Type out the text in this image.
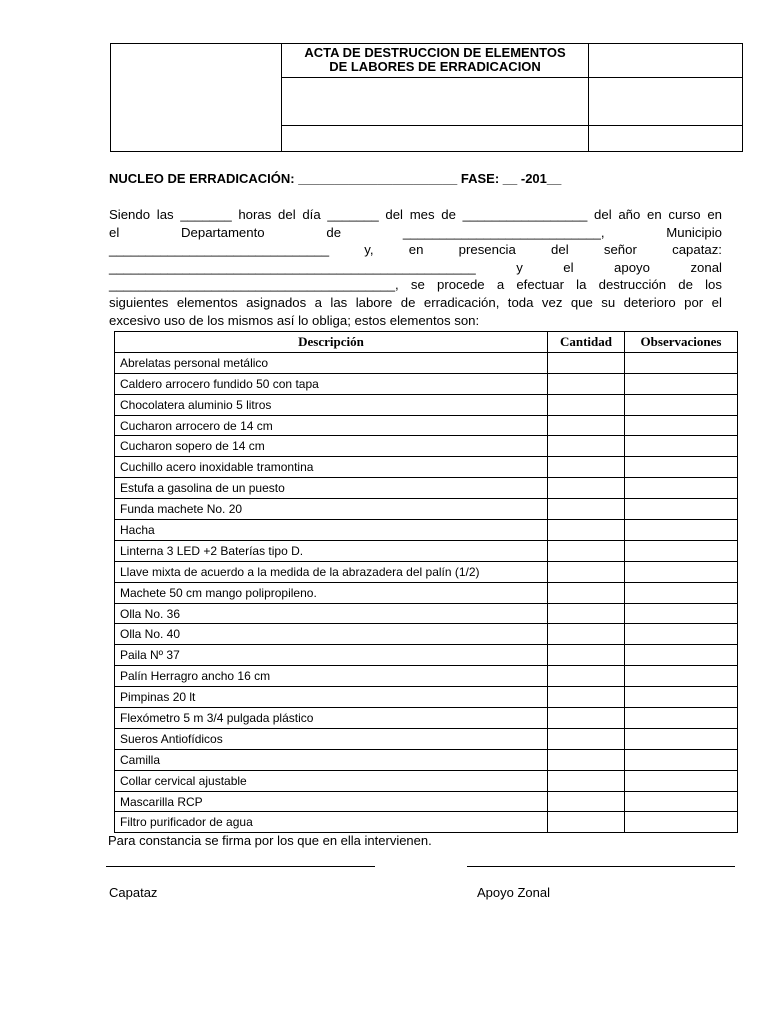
	ACTA DE DESTRUCCION DE ELEMENTOS
DE LABORES DE ERRADICACION	

NUCLEO DE ERRADICACIÓN: ______________________ FASE: __ -201__
Siendo las _______ horas del día _______ del mes de _________________ del año en curso en
el	Departamento	de	___________________________,	Municipio
______________________________	y,	en	presencia	del	señor	capataz:
__________________________________________________	y	el	apoyo	zonal
_______________________________________, se procede a efectuar la destrucción de los
siguientes elementos asignados a las labore de erradicación, toda vez que su deterioro por el
excesivo uso de los mismos así lo obliga; estos elementos son:
Descripción	Cantidad	Observaciones
Abrelatas personal metálico		
Caldero arrocero fundido 50 con tapa		
Chocolatera aluminio 5 litros		
Cucharon arrocero de 14 cm		
Cucharon sopero de 14 cm		
Cuchillo acero inoxidable tramontina		
Estufa a gasolina de un puesto		
Funda machete No. 20		
Hacha		
Linterna 3 LED +2 Baterías tipo D.		
Llave mixta de acuerdo a la medida de la abrazadera del palín (1/2)		
Machete 50 cm mango polipropileno.		
Olla No. 36		
Olla No. 40		
Paila Nº 37		
Palín Herragro ancho 16 cm		
Pimpinas 20 lt		
Flexómetro 5 m 3/4 pulgada plástico		
Sueros Antiofídicos		
Camilla		
Collar cervical ajustable		
Mascarilla RCP		
Filtro purificador de agua		
Para constancia se firma por los que en ella intervienen.
Capataz	Apoyo Zonal
